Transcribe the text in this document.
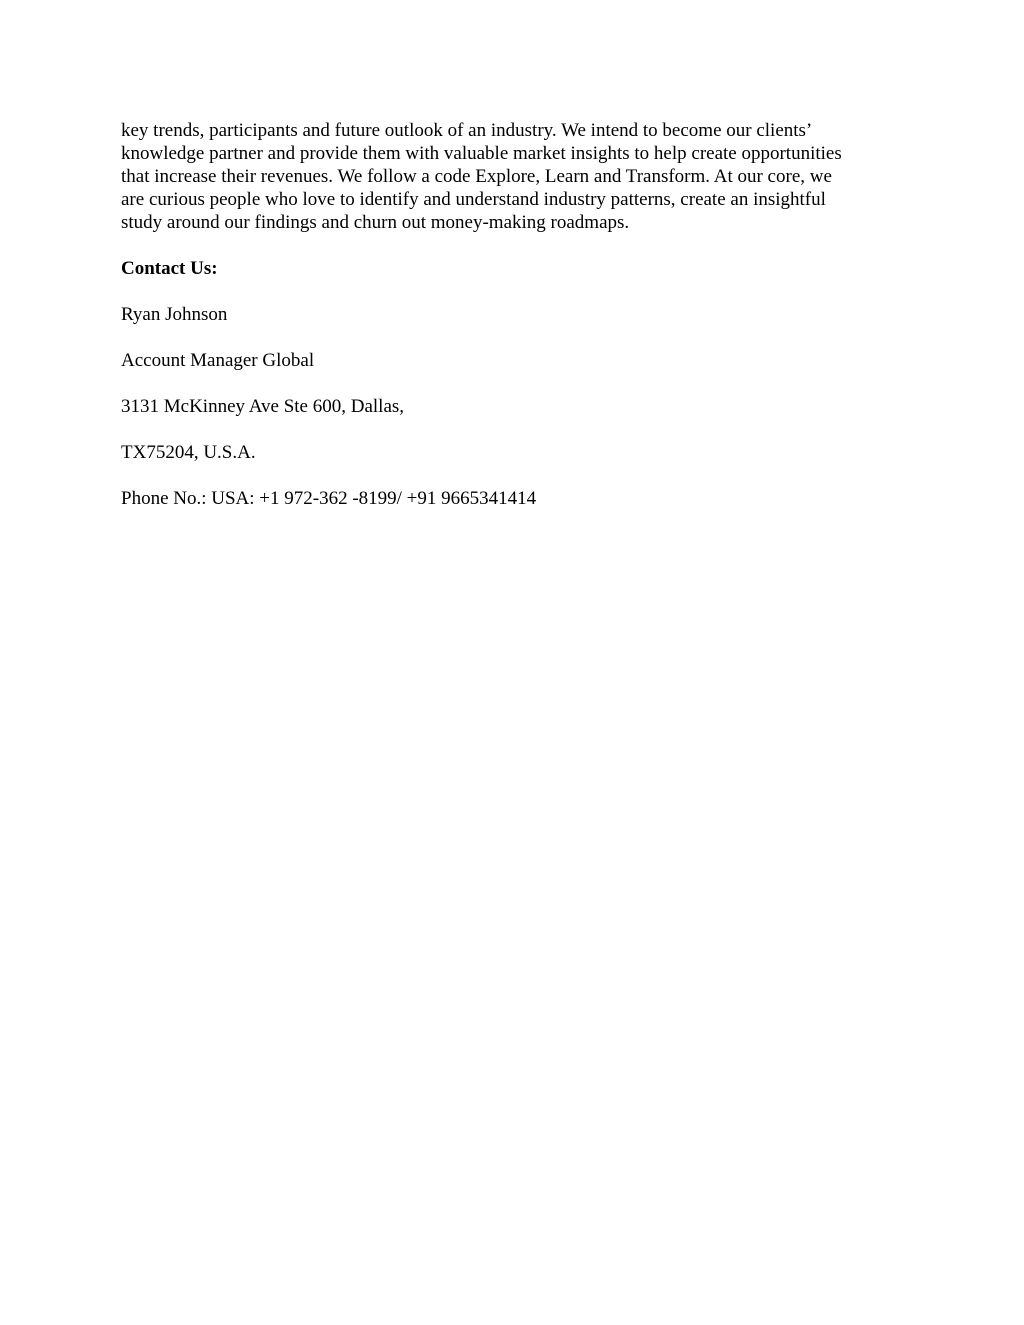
key trends, participants and future outlook of an industry. We intend to become our clients’
knowledge partner and provide them with valuable market insights to help create opportunities
that increase their revenues. We follow a code Explore, Learn and Transform. At our core, we
are curious people who love to identify and understand industry patterns, create an insightful
study around our findings and churn out money-making roadmaps.
Contact Us:
Ryan Johnson
Account Manager Global
3131 McKinney Ave Ste 600, Dallas,
TX75204, U.S.A.
Phone No.: USA: +1 972-362 -8199/ +91 9665341414
